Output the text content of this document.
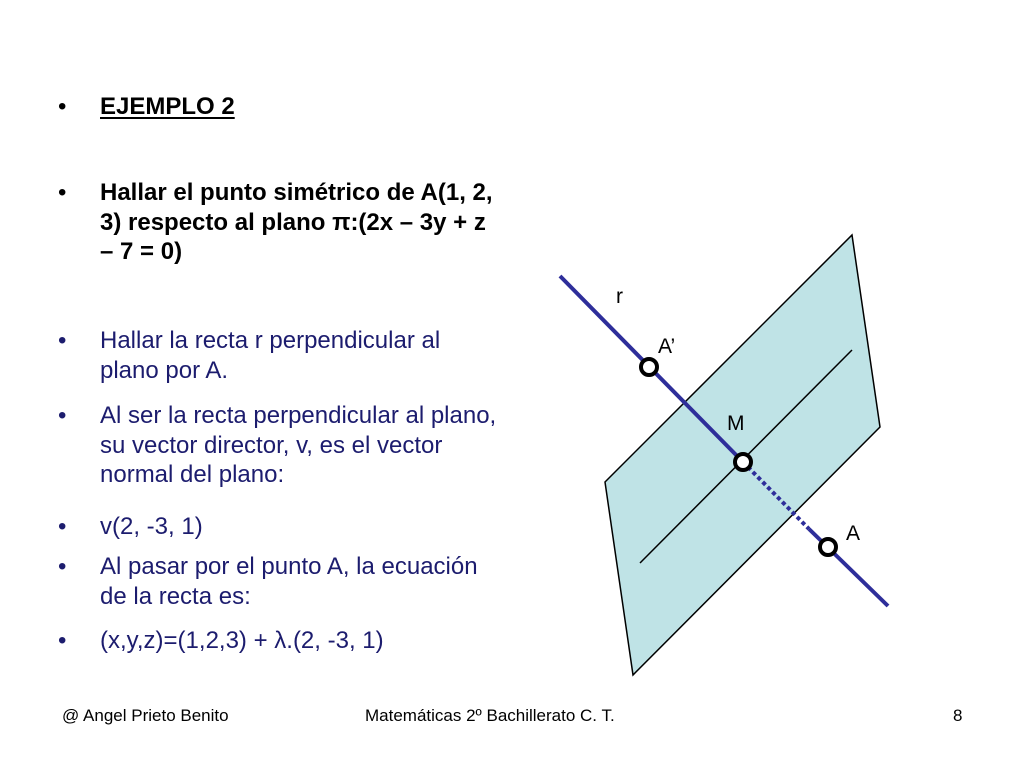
•	EJEMPLO 2
•	Hallar el punto simétrico de A(1, 2, 3) respecto al plano π:(2x – 3y + z – 7 = 0)
•	Hallar la recta r perpendicular al plano por A.
•	Al ser la recta perpendicular al plano, su vector director, v, es el vector normal del plano:
•	v(2, -3, 1)
•	Al pasar por el punto A, la ecuación de la recta es:
•	(x,y,z)=(1,2,3) + λ.(2, -3, 1)
r
A’
M
A
@ Angel Prieto Benito	Matemáticas 2º Bachillerato C. T.	8
